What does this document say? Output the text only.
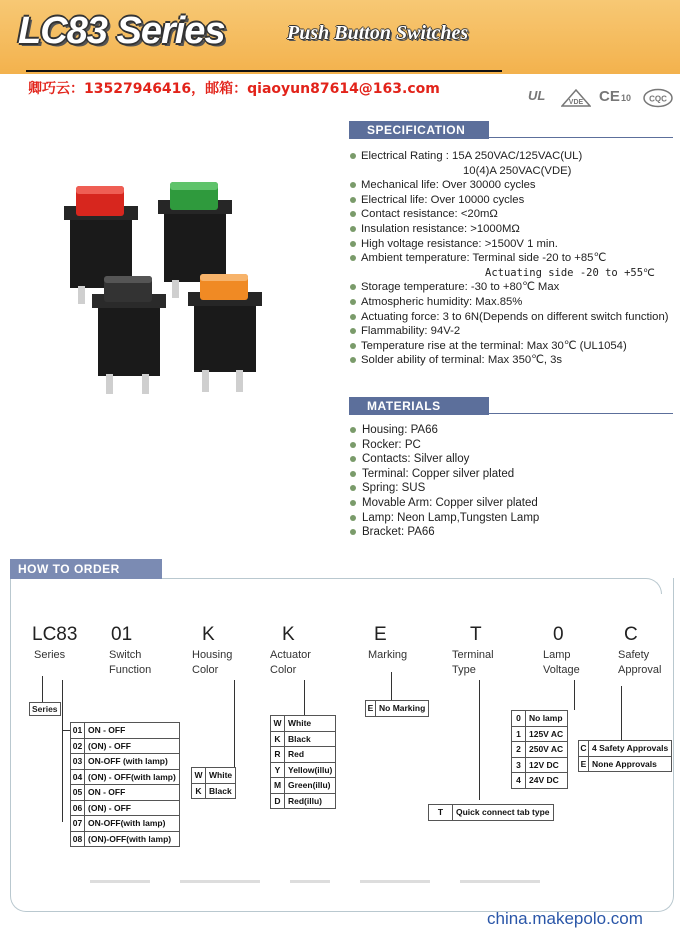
LC83 Series	Push Button Switches
卿巧云：13527946416，邮箱：qiaoyun87614@163.com	UL	VDE CE 10 CQC
SPECIFICATION
Electrical Rating : 15A 250VAC/125VAC(UL)
10(4)A 250VAC(VDE)
Mechanical life: Over 30000 cycles
Electrical life: Over 10000 cycles
Contact resistance: <20mΩ
Insulation resistance: >1000MΩ
High voltage resistance: >1500V 1 min.
Ambient temperature: Terminal side -20 to +85℃
Actuating side -20 to +55℃
Storage temperature: -30 to +80℃ Max
Atmospheric humidity: Max.85%
Actuating force: 3 to 6N(Depends on different switch function)
Flammability: 94V-2
Temperature rise at the terminal: Max 30℃ (UL1054)
Solder ability of terminal: Max 350℃, 3s
MATERIALS
Housing: PA66
Rocker: PC
Contacts: Silver alloy
Terminal: Copper silver plated
Spring: SUS
Movable Arm: Copper silver plated
Lamp: Neon Lamp,Tungsten Lamp
Bracket: PA66
HOW TO ORDER
LC83 01	K	K	E	T	0	C
Series	Switch
Function
Housing
Color
Actuator
Color
Marking	Terminal
Type
Lamp
Voltage
Safety
Approval
Series
01	ON - OFF
02	(ON) - OFF
03	ON-OFF (with lamp)
04	(ON) - OFF(with lamp)
05	ON - OFF
06	(ON) - OFF
07	ON-OFF(with lamp)
08	(ON)-OFF(with lamp)
W	White
K	Black
W	White
K	Black
R	Red
Y	Yellow(illu)
M	Green(illu)
D	Red(illu)
E	No Marking
T	Quick connect tab type
0	No lamp
1	125V AC
2	250V AC
3	12V DC
4	24V DC
C	4 Safety Approvals
E	None Approvals
china.makepolo.com
